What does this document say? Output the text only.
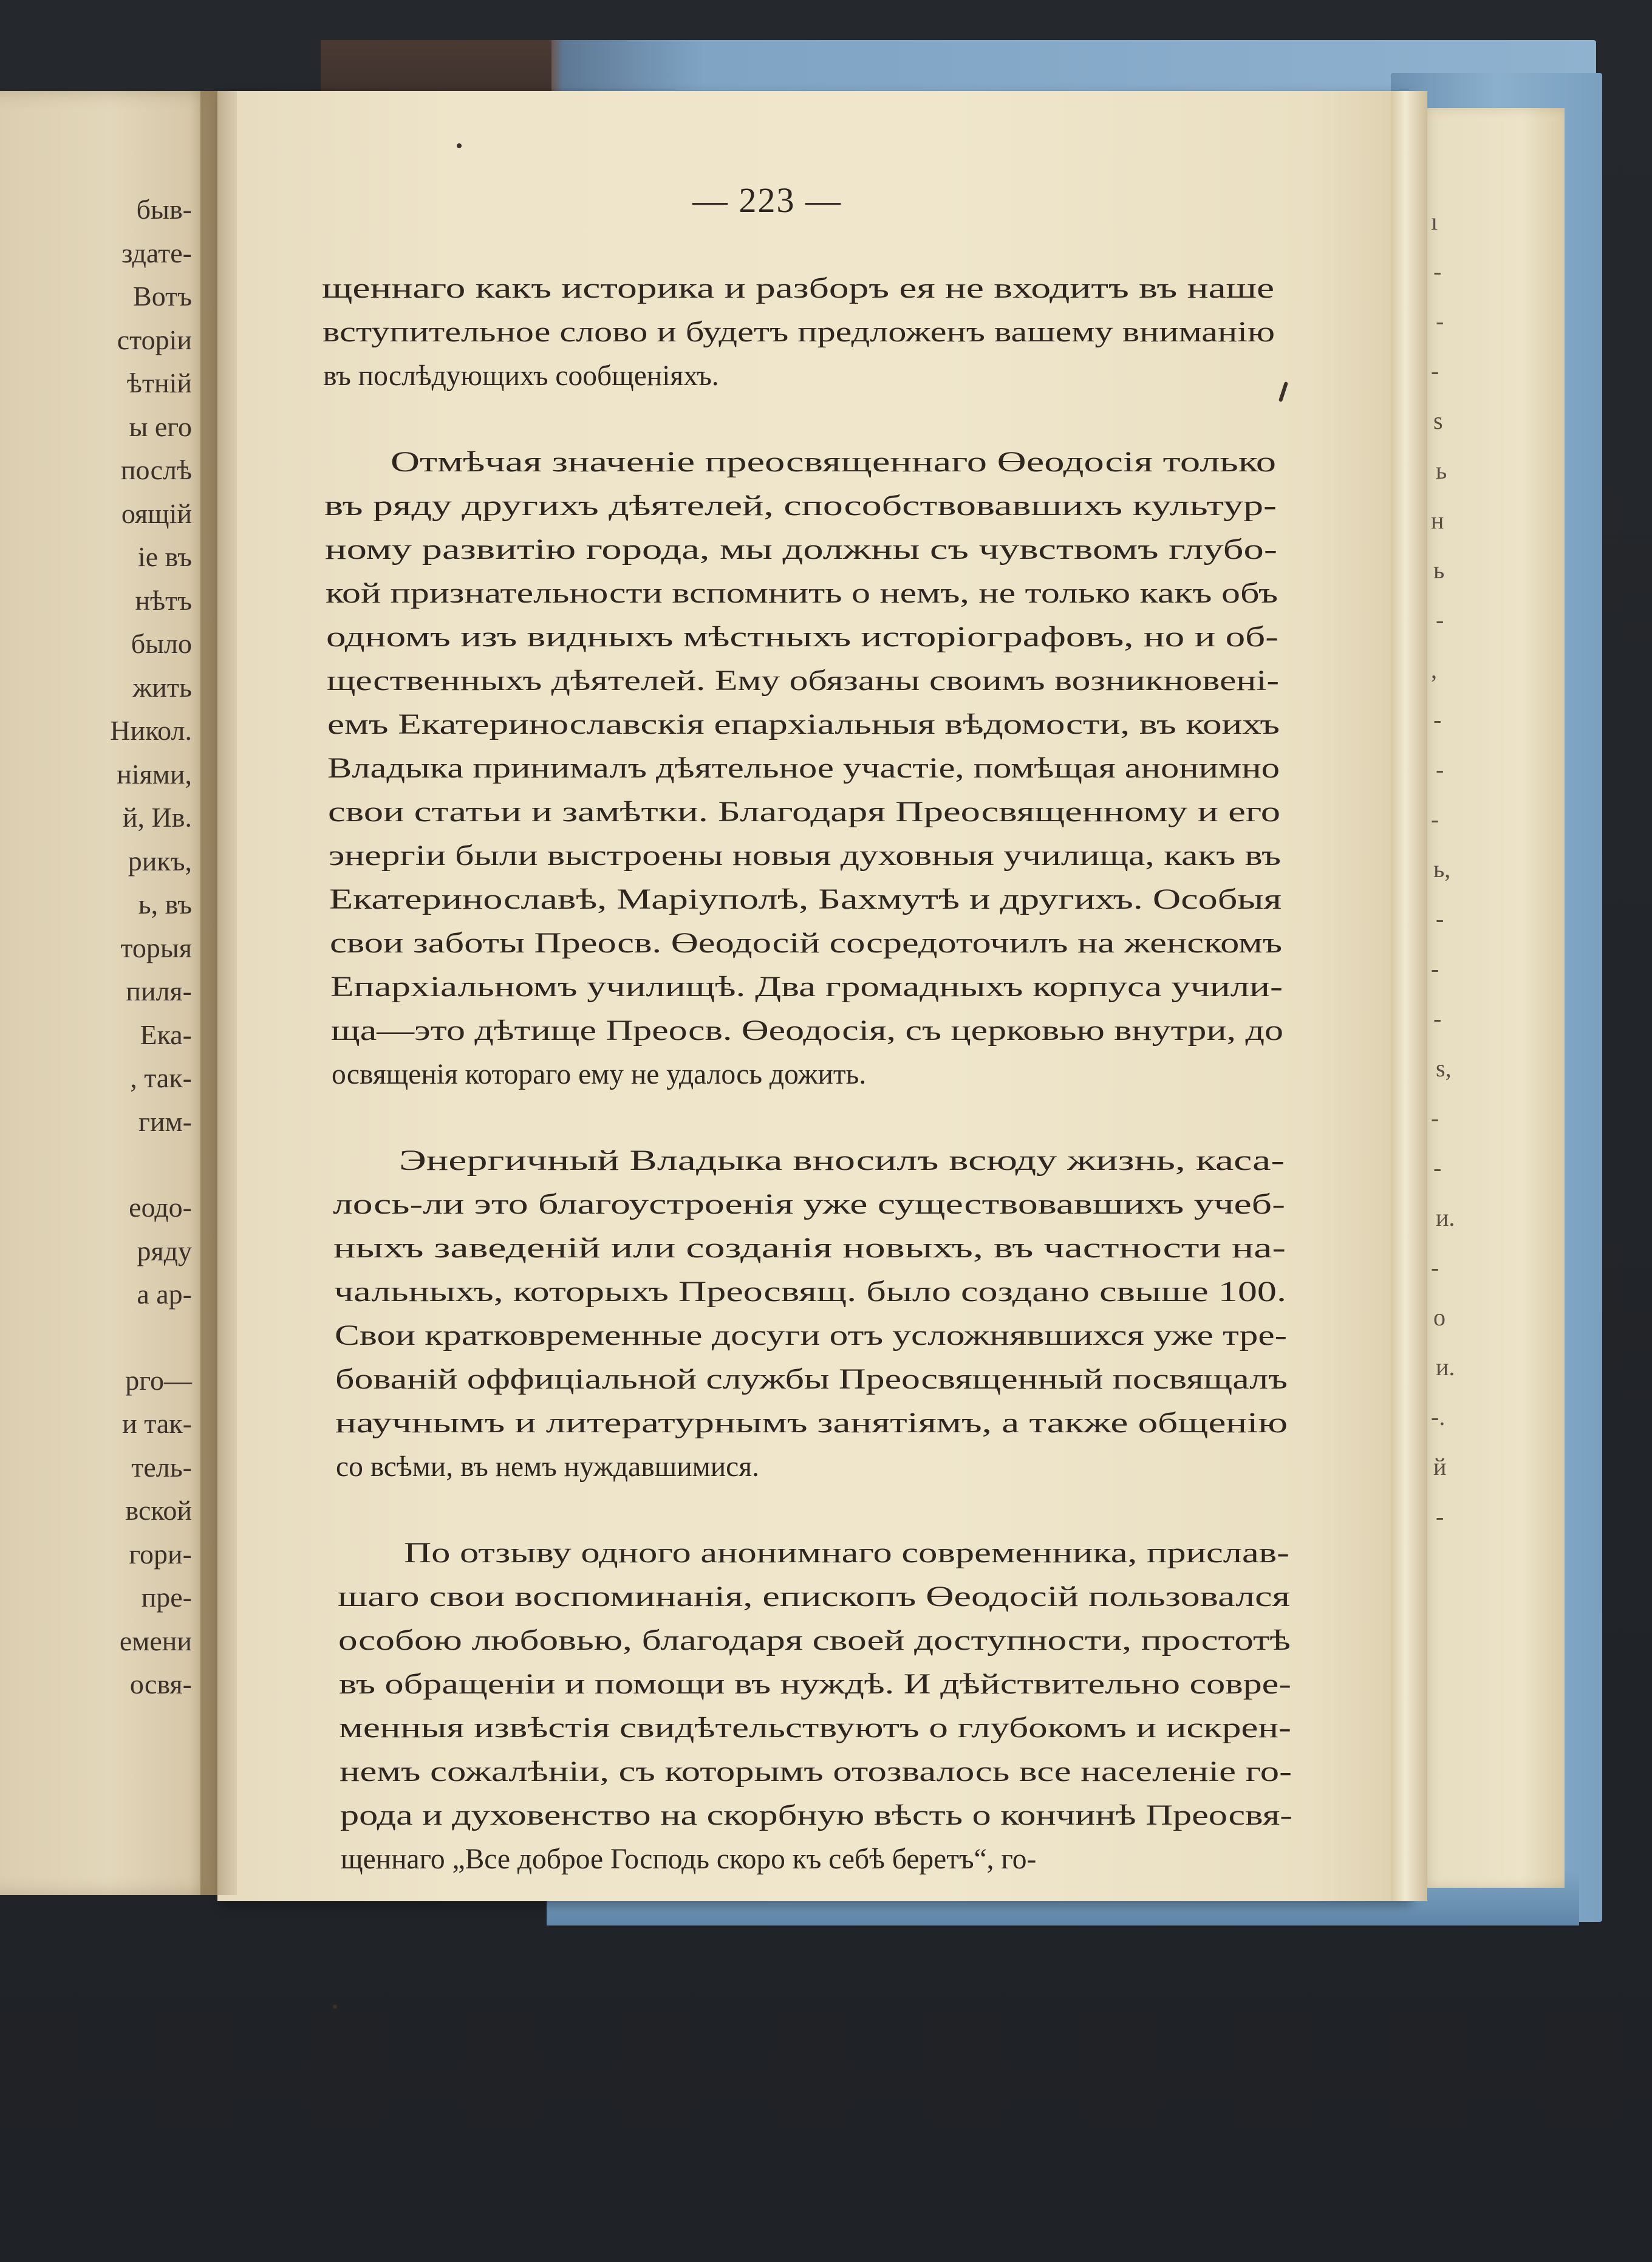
быв-
здате-
Вотъ
сторіи
ѣтній
ы его
послѣ
оящій
ie въ
нѣтъ
было
жить
Никол.
ніями,
й, Ив.
рикъ,
ь, въ
торыя
пиля-
Ека-
, так-
гим-
еодо-
ряду
а ар-
рго—
и так-
тель-
вской
гори-
пре-
емени
освя-
ı
-
-
-
s
ь
н
ь
-
,
-
-
-
ь,
-
-
-
s,
-
-
и.
-
о
и.
-.
й
-
— 223 —
щеннаго какъ историка и разборъ ея не входитъ въ наше
вступительное слово и будетъ предложенъ вашему вниманію
въ послѣдующихъ сообщеніяхъ.
Отмѣчая значеніе преосвященнаго Өеодосія только
въ ряду другихъ дѣятелей, способствовавшихъ культур-
ному развитію города, мы должны съ чувствомъ глубо-
кой признательности вспомнить о немъ, не только какъ объ
одномъ изъ видныхъ мѣстныхъ исторіографовъ, но и об-
щественныхъ дѣятелей. Ему обязаны своимъ возникновені-
емъ Екатеринославскія епархіальныя вѣдомости, въ коихъ
Владыка принималъ дѣятельное участіе, помѣщая анонимно
свои статьи и замѣтки. Благодаря Преосвященному и его
энергіи были выстроены новыя духовныя училища, какъ въ
Екатеринославѣ, Маріуполѣ, Бахмутѣ и другихъ. Особыя
свои заботы Преосв. Өеодосій сосредоточилъ на женскомъ
Епархіальномъ училищѣ. Два громадныхъ корпуса учили-
ща—это дѣтище Преосв. Өеодосія, съ церковью внутри, до
освященія котораго ему не удалось дожить.
Энергичный Владыка вносилъ всюду жизнь, каса-
лось-ли это благоустроенія уже существовавшихъ учеб-
ныхъ заведеній или созданія новыхъ, въ частности на-
чальныхъ, которыхъ Преосвящ. было создано свыше 100.
Свои кратковременные досуги отъ усложнявшихся уже тре-
бованій оффиціальной службы Преосвященный посвящалъ
научнымъ и литературнымъ занятіямъ, а также общенію
со всѣми, въ немъ нуждавшимися.
По отзыву одного анонимнаго современника, прислав-
шаго свои воспоминанія, епископъ Өеодосій пользовался
особою любовью, благодаря своей доступности, простотѣ
въ обращеніи и помощи въ нуждѣ. И дѣйствительно совре-
менныя извѣстія свидѣтельствуютъ о глубокомъ и искрен-
немъ сожалѣніи, съ которымъ отозвалось все населеніе го-
рода и духовенство на скорбную вѣсть о кончинѣ Преосвя-
щеннаго „Все доброе Господь скоро къ себѣ беретъ“, го-
